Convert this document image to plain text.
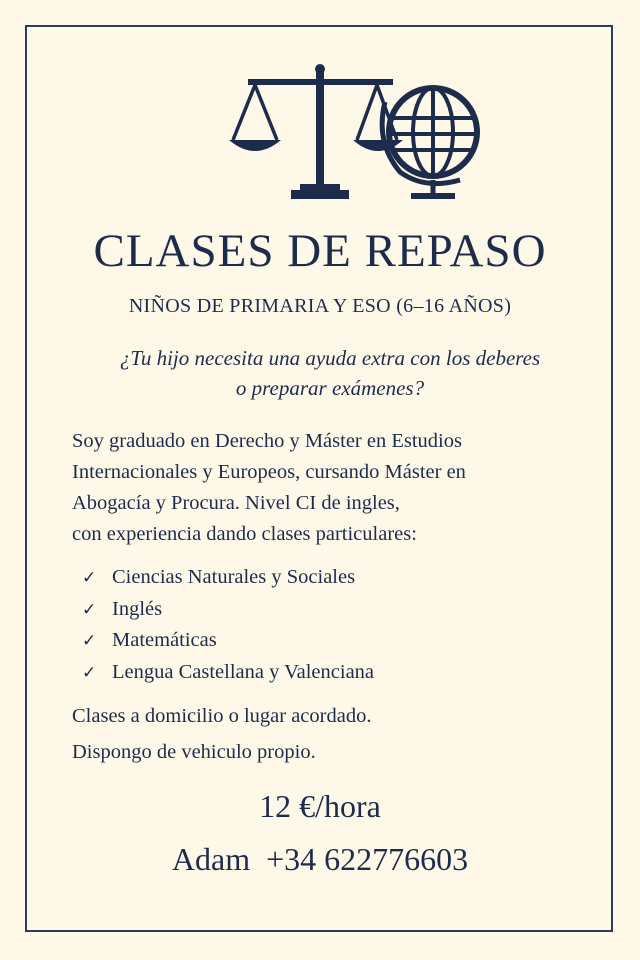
CLASES DE REPASO
NIÑOS DE PRIMARIA Y ESO (6–16 AÑOS)
¿Tu hijo necesita una ayuda extra con los deberes
o preparar exámenes?
Soy graduado en Derecho y Máster en Estudios
Internacionales y Europeos, cursando Máster en
Abogacía y Procura. Nivel CI de ingles,
con experiencia dando clases particulares:
✓ Ciencias Naturales y Sociales
✓ Inglés
✓ Matemáticas
✓ Lengua Castellana y Valenciana
Clases a domicilio o lugar acordado.
Dispongo de vehiculo propio.
12 €/hora
Adam  +34 622776603
